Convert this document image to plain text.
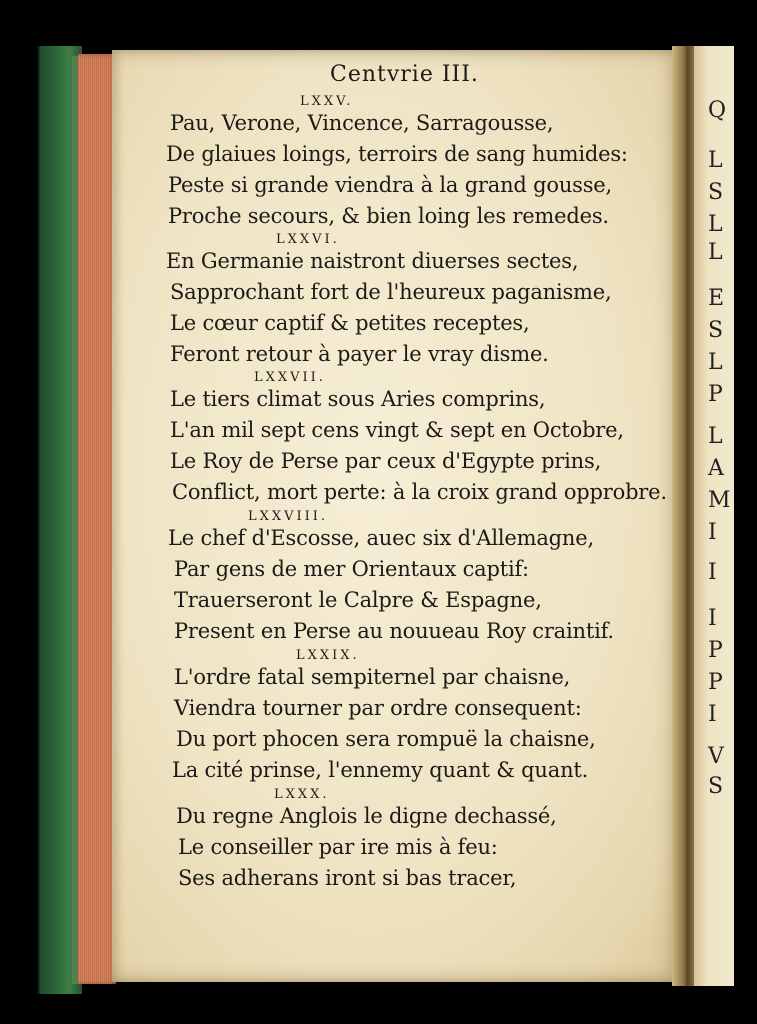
Q
L
S
L
L
E
S
L
P
L
A
M
I
I
I
P
P
I
V
S
Centvrie III.
LXXV.
Pau, Verone, Vincence, Sarragousse,
De glaiues loings, terroirs de sang humides:
Peste si grande viendra à la grand gousse,
Proche secours, & bien loing les remedes.
LXXVI.
En Germanie naistront diuerses sectes,
Sapprochant fort de l'heureux paganisme,
Le cœur captif & petites receptes,
Feront retour à payer le vray disme.
LXXVII.
Le tiers climat sous Aries comprins,
L'an mil sept cens vingt & sept en Octobre,
Le Roy de Perse par ceux d'Egypte prins,
Conflict, mort perte: à la croix grand opprobre.
LXXVIII.
Le chef d'Escosse, auec six d'Allemagne,
Par gens de mer Orientaux captif:
Trauerseront le Calpre & Espagne,
Present en Perse au nouueau Roy craintif.
LXXIX.
L'ordre fatal sempiternel par chaisne,
Viendra tourner par ordre consequent:
Du port phocen sera rompuë la chaisne,
La cité prinse, l'ennemy quant & quant.
LXXX.
Du regne Anglois le digne dechassé,
Le conseiller par ire mis à feu:
Ses adherans iront si bas tracer,
